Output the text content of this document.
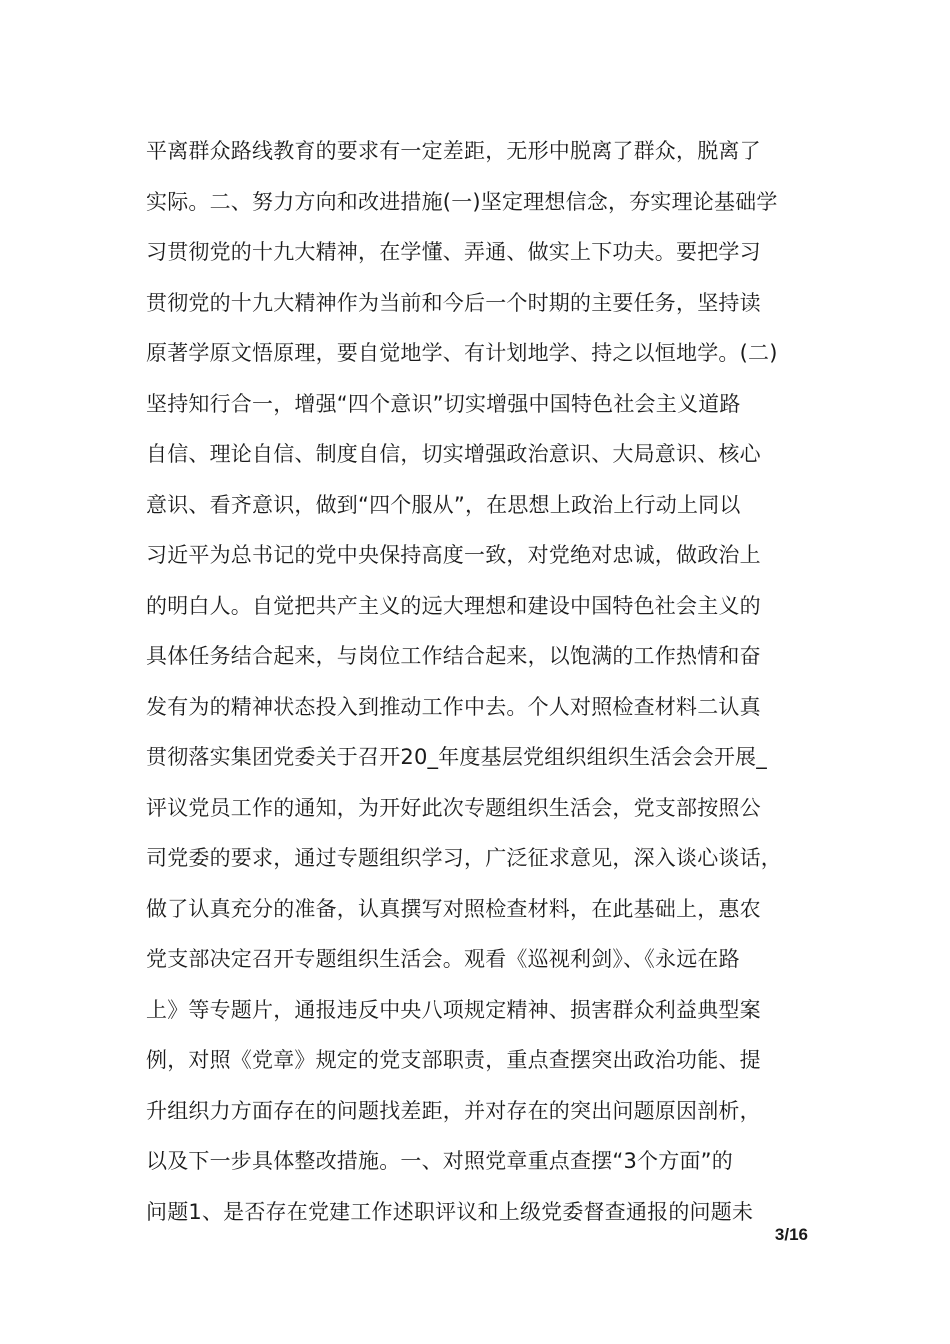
平离群众路线教育的要求有一定差距，无形中脱离了群众，脱离了
实际。二、努力方向和改进措施(一)坚定理想信念，夯实理论基础学
习贯彻党的十九大精神，在学懂、弄通、做实上下功夫。要把学习
贯彻党的十九大精神作为当前和今后一个时期的主要任务，坚持读
原著学原文悟原理，要自觉地学、有计划地学、持之以恒地学。(二)
坚持知行合一，增强“四个意识”切实增强中国特色社会主义道路
自信、理论自信、制度自信，切实增强政治意识、大局意识、核心
意识、看齐意识，做到“四个服从”，在思想上政治上行动上同以
习近平为总书记的党中央保持高度一致，对党绝对忠诚，做政治上
的明白人。自觉把共产主义的远大理想和建设中国特色社会主义的
具体任务结合起来，与岗位工作结合起来，以饱满的工作热情和奋
发有为的精神状态投入到推动工作中去。个人对照检查材料二认真
贯彻落实集团党委关于召开20_年度基层党组织组织生活会会开展_
评议党员工作的通知，为开好此次专题组织生活会，党支部按照公
司党委的要求，通过专题组织学习，广泛征求意见，深入谈心谈话，
做了认真充分的准备，认真撰写对照检查材料，在此基础上，惠农
党支部决定召开专题组织生活会。观看《巡视利剑》、《永远在路
上》等专题片，通报违反中央八项规定精神、损害群众利益典型案
例，对照《党章》规定的党支部职责，重点查摆突出政治功能、提
升组织力方面存在的问题找差距，并对存在的突出问题原因剖析，
以及下一步具体整改措施。一、对照党章重点查摆“3个方面”的
问题1、是否存在党建工作述职评议和上级党委督查通报的问题未
3/16
